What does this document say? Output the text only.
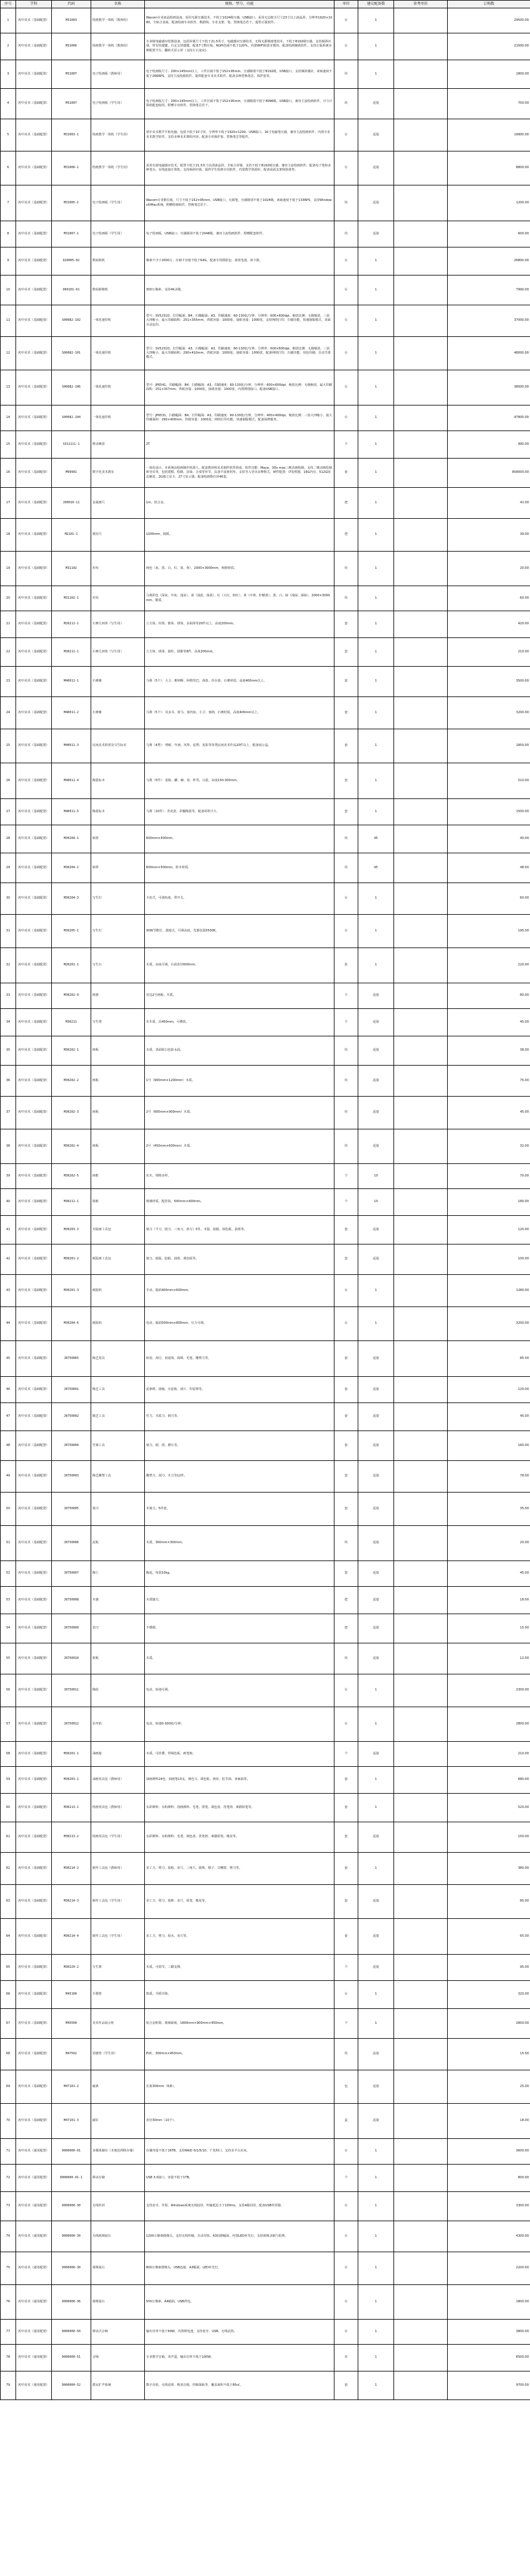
序号	学科	代码	名称	规格、型号、功能	单位	建议配备数	参考单价	订购数
1	初中美术（基础配置）	M31003	绘画教学一体机（教师用）	Wacom专业液晶绘画设备。采用无源压感技术，不低于1024级压感，USB接口。采用无边框全尺寸23寸以上液晶屏，分辨率1920×1080，全贴合表面，配备绘画专业软件。数据线、专业支架、笔、替换笔芯若干。提供正版软件。	台	1		29500.00
2	初中美术（基础配置）	M31006	绘画教学一体机（教师用）	专业级电磁感应绘图设备，包括屏幕尺寸不低于21.5英寸，电磁感应压感技术，无线无源极速笔技术，不低于8192级压感，支持倾斜识别，带有快捷键，自定义快捷键，配备7寸数位板，RGPI色域不低于120%，内置WIFI和蓝牙模块，配备绘画辅助软件。支持正版系统多种配置平台，翻转式显示屏（支持左右变向).	台	1		21000.00
3	初中美术（基础配置）	M31007	电子绘画板（教师用）	电子绘画板尺寸：200×145mm以上，工作区域不低于152×95mm，压感级别不低于8192级，USB接口，支持倾斜感应，读取速度不低于266RPS，支持主流绘画软件。提供配套专业美术软件，配备多种替换笔芯、保护套等。	块	1		1800.00
4	初中美术（基础配置）	M31007	电子绘画板（学生用）	电子绘画板尺寸：200×145mm以上，工作区域不低于152×95mm，压感级别不低于4096级，USB接口，兼容主流绘画软件，可与计算机配套使用。附赠专业软件、替换笔芯若干。	块	适量		700.00
5	初中美术（基础配置）	M31003-1	绘画教学一体机（学生用）	初中美术教学平板电脑，包括不低于10寸屏，分辨率不低于1920×1200，USB接口，16寸电磁笔压感，兼容主流绘画软件。内置专业美术教学软件，支持多种美术课程内容，配备专用保护套、替换笔芯等配件。	台	适量		19900.00
6	初中美术（基础配置）	M31006-1	绘画教学一体机（学生用）	采用有源电磁感应技术，配置不低于21.5英寸高清液晶屏，全贴合屏幕，支持不低于8192级压感。兼容主流绘画软件，配备电子笔和多种笔头，有线连接计算机，支持倾斜识别。提供学生绘画专用软件，内置教学资源库，配备桌面支架和防滑垫。	台	适量		8800.00
7	初中美术（基础配置）	M31005-1	电子绘画板（学生用）	Wacom专业数位板，尺寸不低于152×95mm，USB接口，无源笔，压感级别不低于1024级，读取速度不低于133RPS，支持Windows和Mac系统，附赠绘画软件，替换笔芯若干。	块	适量		1200.00
8	初中美术（基础配置）	M31007-1	电子绘画板（学生用）	电子绘画板，USB接口，压感级别不低于2048级，兼容主流绘画软件，附赠配套软件。	块	适量		600.00
9	初中美术（基础配置）	D20005-02	数码相机	像素不少于2000万，存储卡容量不低于64G，配备专用摄影包、备用电池、读卡器。	台	1		26800.00
10	初中美术（基础配置）	D60101-01	数码摄像机	300万像素，支持4K录像。	台	1		7990.00
11	初中美术（基础配置）	S00082-102	一体化速印机	型号：SV5231D，打印幅面：B4，扫描幅面：A3，印刷速度：60-130张/分钟，分辨率：600×600dpi，缩放比例：无级缩放，三放大四缩小，最大印刷面积：251×355mm，供纸容量：1000张，接纸容量：1000张，支持网络打印、扫描功能，快速制版模式，双面自动复印。	台	1		37000.00
12	初中美术（基础配置）	S00082-101	一体化速印机	型号：SV5231D，打印幅面：A3，扫描幅面：A3，印刷速度：60-130张/分钟，分辨率：600×600dpi，缩放比例：无级缩放，三放大四缩小，最大印刷面积：290×410mm，供纸容量：1000张，接纸容量：1000张，配备网络打印、扫描功能，双色印刷，自动节墨模式。	台	1		48000.00
13	初中美术（基础配置）	S00082-106	一体化速印机	型号：JP6541，印刷幅面：B4，扫描幅面：A3，印刷速度：60-130张/分钟，分辨率：600×600dpi，缩放比例：无级缩放，最大印刷面积：251×357mm，供纸容量：1000张，接纸容量：1000张，内置网络接口，配备USB接口。	台	1		38000.00
14	初中美术（基础配置）	S00082-104	一体化速印机	型号：JP6531，扫描幅面：B4，打印幅面：A3，印刷速度：60-130张/分钟，分辨率：400×400dpi，缩放比例：三放大四缩小，最大印刷面积：290×400mm，供纸容量：1000张，网络打印功能，快速制版模式，配备保修服务。	台	1		47800.00
15	初中美术（基础配置）	S311111-1	移动硬盘	2T	个	1		990.00
16	初中美术（基础配置）	M99902	数字化美术教室	一体化设计，本系统由绘画制作机器人、配套教材和美术制作软件组成。软件功能：Maya、3Ds max三维动画绘制，支持二维动画绘制和导出等，包括建模、绘制、渲染、合成等环节，具备丰富素材库，支持导入导出多种格式。硬件配置：i7处理器，16G内存，512G固态硬盘，2G独立显卡，27寸显示器，配备绘画数位屏40套。	套	1		858000.00
17	初中美术（基础配置）	J00010-11	金属画尺	1m，铝合金。	把	1		41.00
18	初中美术（基础配置）	M2101-1	钢直尺	1000mm，钢质。	把	1		39.00
19	初中美术（基础配置）	M31102	衬布	纯色（灰、黑、白、红、蓝、黄），2000×3000mm，纯棉材质。	块	1		20.00
20	初中美术（基础配置）	M31102-1	衬布	马利彩色（深灰、中灰、浅灰），蓝（浅蓝、深蓝），红（大红、粉红），黄（中黄、柠檬黄），黑、白、绿（浅绿、深绿），2000×3000mm，棉质。	块	1		60.00
21	初中美术（基础配置）	M20211-1	石膏几何体（写生用）	立方体、柱体、锥体、球体、多面体等20件以上，高度200mm。	套	1		420.00
22	初中美术（基础配置）	M30211-1	石膏几何体（写生用）	立方体、球体、圆柱、圆锥等8件，高度200mm。	套	1		210.00
23	初中美术（基础配置）	M40011-1	石膏像	马利（5个）：大卫、维纳斯、阿格里巴、海盗、伏尔泰，石膏材质，高度400mm以上。	套	1		3500.00
24	初中美术（基础配置）	M40011-2	石膏像	马利（5个）：贝多芬、荷马、塞内加、小卫、塞纳，石膏材质，高度400mm以上。	套	1		3200.00
25	初中美术（基础配置）	M40011-3	民间美术欣赏及写生标本	马利（4类）：剪纸、年画、风筝、泥塑、皮影等各类民间美术作品20件以上，配备展示盒。	套	1		1850.00
26	初中美术（基础配置）	M40011-4	陶瓷标本	马利（5件）：瓷瓶、罐、碗、盘、杯等，白瓷，高度150-300mm。	套	1		510.00
27	初中美术（基础配置）	M40011-5	陶瓷标本	马利（10件）：青花瓷、彩釉陶瓷等，配备说明卡片。	套	1		1500.00
28	初中美术（基础配置）	M30204-1	贴壁	600mm×500mm。	块	45		40.00
29	初中美术（基础配置）	M30204-2	贴壁	600mm×500mm，软木材质。	块	45		48.00
30	初中美术（基础配置）	M30204-3	写生灯	卡扣式，可调角度，带开关。	台	1		60.00
31	初中美术（基础配置）	M30205-1	写生灯	30W节能灯，落地式，可调高度，光源色温5500K。	台	1		195.00
32	初中美术（基础配置）	M20201-1	写生台	木质，高度可调，台面直径600mm。	张	1		220.00
33	初中美术（基础配置）	M30202-9	画架	对边2号画板，木质。	个	适量		80.00
34	初中美术（基础配置）	M30211	写生凳	实木质，高450mm，可叠放。	个	适量		45.00
35	初中美术（基础配置）	M30202-1	画板	木质，表面贴白色防水面。	块	适量		38.00
36	初中美术（基础配置）	M30202-2	画板	1号（900mm×1200mm）木质。	块	适量		75.00
37	初中美术（基础配置）	M30202-3	画板	2号（600mm×900mm）木质。	块	适量		45.00
38	初中美术（基础配置）	M30202-4	画板	2号（450mm×600mm）木质。	块	适量		32.00
39	初中美术（基础配置）	M30202-5	画框	实木，规格多样。	个	10		70.00
40	初中美术（基础配置）	M30211-1	镜框	玻璃材质，配挂钩，500mm×400mm。	个	10		180.00
41	初中美术（基础配置）	M30203-3	木版画工具包	刻刀（平刀、圆刀、三角刀、斜刀）5件，木版、胶辊、调色板、油墨等。	套	适量		120.00
42	初中美术（基础配置）	M30201-2	纸版画工具包	刻刀、纸版、胶辊、油墨、调色板等。	套	适量		100.00
43	初中美术（基础配置）	M30201-3	纸版机	手动，版面400mm×600mm。	台	1		1280.00
44	初中美术（基础配置）	M30204-6	纸版机	电动，版面500mm×800mm，压力可调。	台	1		3200.00
45	初中美术（基础配置）	J8750065	陶艺用具	转盘、刮刀、切泥线、海绵、毛笔、雕塑刀等。	套	适量		85.00
46	初中美术（基础配置）	J8750001	陶艺工具	泥条棒、滚轴、压泥板、刮片、印花棒等。	套	适量		120.00
47	初中美术（基础配置）	J8750002	陶艺工具	竹刀、木质刀、钢刀等。	套	适量		45.00
48	初中美术（基础配置）	J8750004	竹刻工具	刻刀、锯、凿、磨石等。	套	适量		160.00
49	初中美术（基础配置）	J8750003	陶艺雕塑工具	雕塑刀、刮刀、木刀等12件。	套	适量		78.00
50	初中美术（基础配置）	J8750005	刻刀	木刻刀，5件套。	套	适量		35.00
51	初中美术（基础配置）	J8750006	泥板	木质，300mm×300mm。	块	适量		20.00
52	初中美术（基础配置）	J8750007	陶土	陶泥，每袋10kg。	袋	适量		45.00
53	初中美术（基础配置）	J8750008	木刨	木质刨刀。	把	适量		18.00
54	初中美术（基础配置）	J8750009	切刀	不锈钢。	把	适量		15.00
55	初中美术（基础配置）	J8750010	搓板	木质。	块	适量		12.00
56	初中美术（基础配置）	J8750011	陶轮	电动，转速可调。	台	1		2300.00
57	初中美术（基础配置）	J8750012	拉坯机	电动，转速0-300转/分钟。	台	1		2800.00
58	初中美术（基础配置）	M30201-1	油画箱	木质，可折叠，带调色板、画笔架。	个	适量		210.00
59	初中美术（基础配置）	M30203-1	油画用具包（教师用）	油画颜料24色，油画笔10支，调色刀、调色板、画布、松节油、亚麻油等。	套	1		680.00
60	初中美术（基础配置）	M30213-1	绘画用具包（教师用）	水彩颜料、水粉颜料、国画颜料、毛笔、排笔、调色盘、洗笔筒、素描铅笔等。	套	1		520.00
61	初中美术（基础配置）	M30213-2	绘画用具包（学生用）	水彩颜料、水粉颜料、毛笔、调色盘、洗笔筒、素描铅笔、橡皮等。	套	适量		150.00
62	初中美术（基础配置）	M30214-2	制作工具包（教师用）	美工刀、剪刀、胶枪、直尺、三角尺、圆规、镊子、尖嘴钳、锉刀等。	套	1		380.00
63	初中美术（基础配置）	M30214-3	制作工具包（学生用）	美工刀、剪刀、胶棒、直尺、铅笔、橡皮等。	套	适量		85.00
64	初中美术（基础配置）	M30214-4	制作工具包（学生用）	美工刀、剪刀、胶水、直尺等。	套	适量		65.00
65	初中美术（基础配置）	M30220-2	写生架	木质，可调节，三脚支撑。	个	适量		95.00
66	初中美术（基础配置）	M45100	手摇壁	铁质，手摇升降。	台	1		320.00
67	初中美术（基础配置）	M45500	美术作品展示柜	铝合金框架，玻璃面板，1800mm×900mm×450mm。	个	1		2800.00
68	初中美术（基础配置）	M47502	切割垫（学生用）	PVC，300mm×450mm。	块	适量		15.00
69	初中美术（基础配置）	M47101-2	磁条	长度300mm（6条）。	包	适量		25.00
70	初中美术（基础配置）	M47101-3	磁钉	直径30mm（10个）。	盒	适量		18.00
71	初中美术（通用配置）	D000000-01	多媒体储存（本地化网络存储）	存储容量不低于16TB，支持RAID 0/1/5/10，千兆网口，支持多平台访问。	台	1		3600.00
72	初中美术（通用配置）	D000000-01-1	移动存储	USB 3.0接口，容量不低于1TB。	个	1		800.00
73	初中美术（通用配置）	D000000-30	无线传屏	支持安卓、苹果、Windows系统无线投屏，传输延迟小于100ms，支持4路同屏，配备USB传屏器。	台	1		3300.00
74	初中美术（通用配置）	D000000-30	无线视频展台	1200万像素摄像头，支持无线传输，自动对焦，A3拍摄幅面，内置LED补光灯，支持视频录制与拍照。	台	1		4300.00
75	初中美术（通用配置）	D000000-30	视频展台	800万像素摄像头，USB连接，A3幅面，LED补光灯。	台	1		2200.00
76	初中美术（通用配置）	D000000-36	视频展台	500万像素，A4幅面，USB供电。	台	1		1800.00
77	初中美术（通用配置）	D000000-50	移动式音响	输出功率不低于60W，内置锂电池，支持蓝牙、USB、无线话筒。	台	1		3800.00
78	初中美术（通用配置）	D000000-51	音响	专业教学音箱，双声道，输出功率不低于100W。	对	1		6500.00
79	初中美术（通用配置）	D000000-52	教室扩声系统	数字功放、无线话筒、吸顶音箱、控制面板等，覆盖面积不低于80㎡。	套	1		9700.00
